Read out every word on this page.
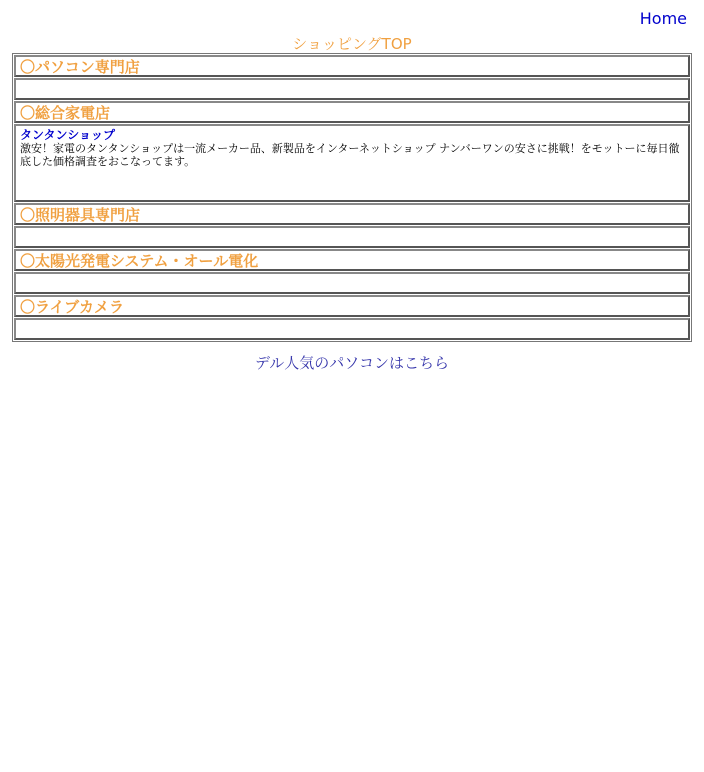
Home
ショッピングTOP
〇パソコン専門店
〇総合家電店
タンタンショップ
激安！家電のタンタンショップは一流メーカー品、新製品をインターネットショップ ナンバーワンの安さに挑戦！をモットーに毎日徹底した価格調査をおこなってます。
〇照明器具専門店
〇太陽光発電システム・オール電化
〇ライブカメラ
デル人気のパソコンはこちら
